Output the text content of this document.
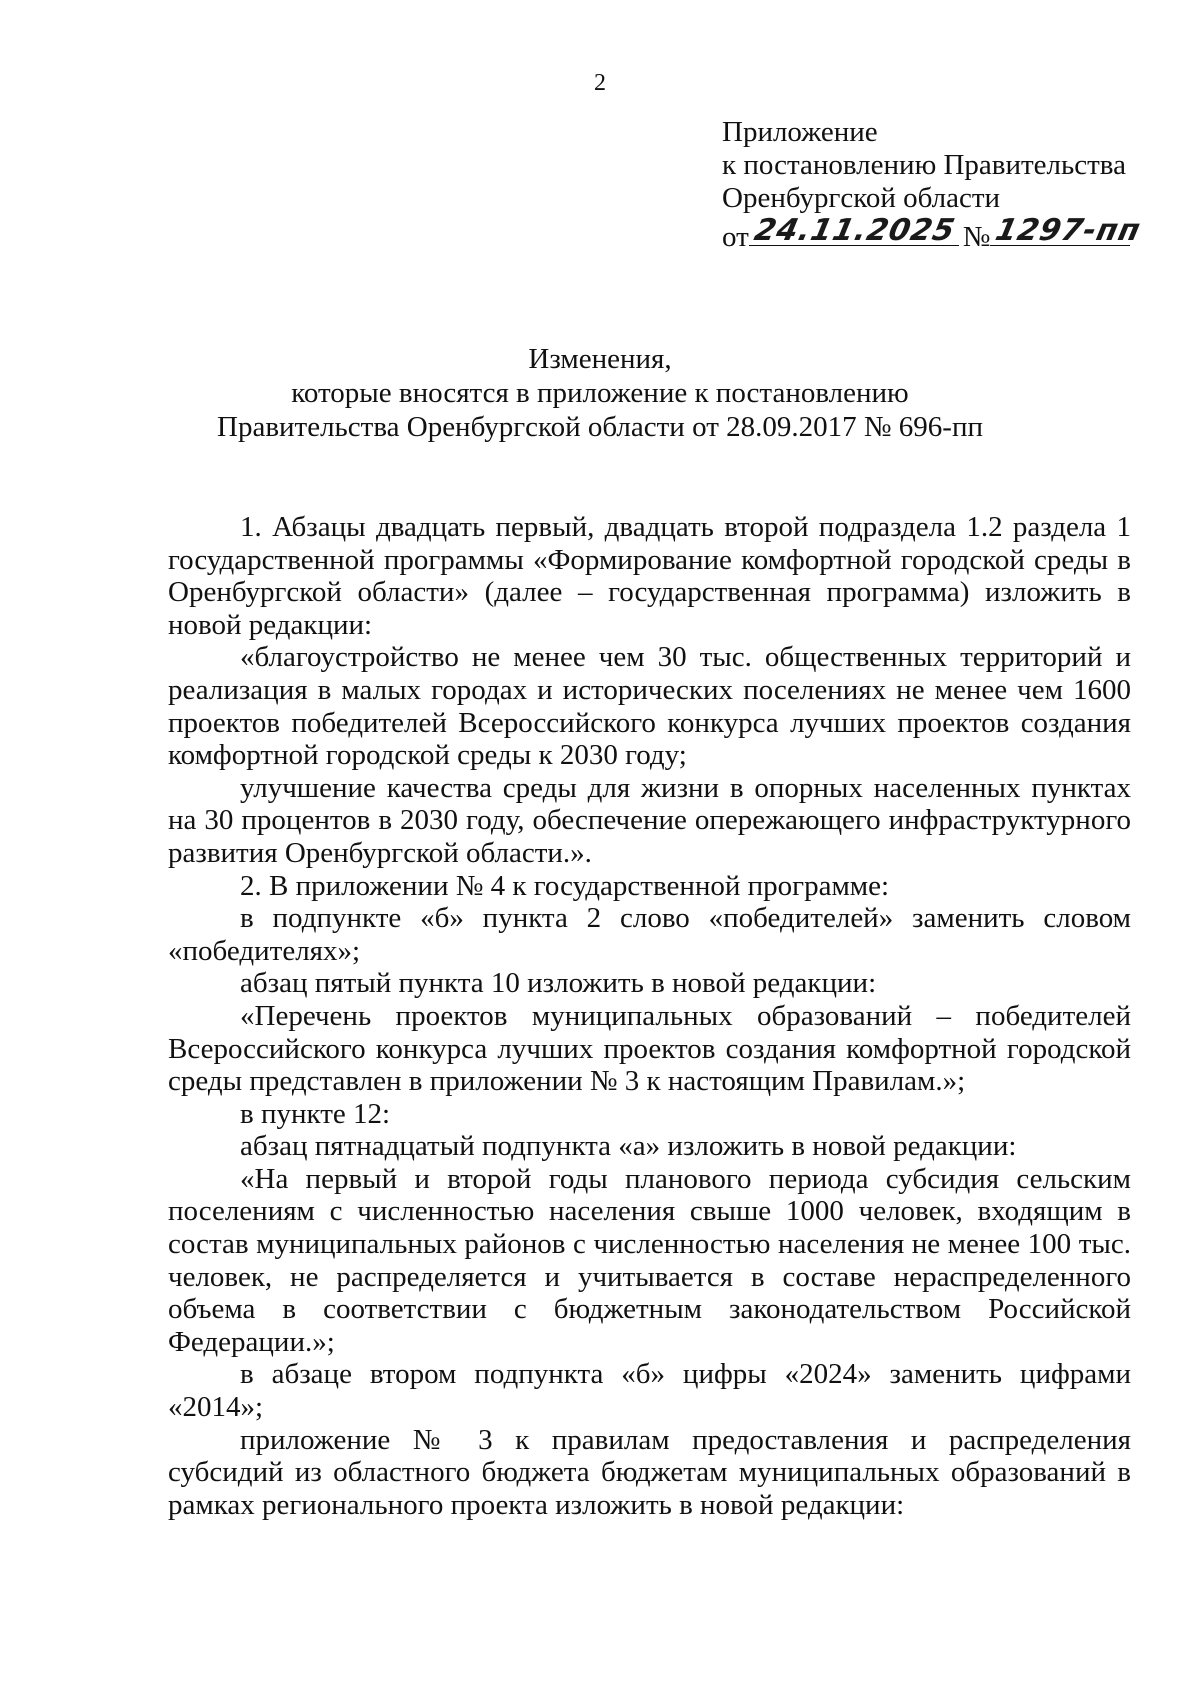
2
Приложение
к постановлению Правительства
Оренбургской области
от 24.11.2025 № 1297-пп
Изменения,
которые вносятся в приложение к постановлению
Правительства Оренбургской области от 28.09.2017 № 696-пп

1. Абзацы двадцать первый, двадцать второй подраздела 1.2 раздела 1 государственной программы «Формирование комфортной городской среды в Оренбургской области» (далее – государственная программа) изложить в новой редакции:

«благоустройство не менее чем 30 тыс. общественных территорий и реализация в малых городах и исторических поселениях не менее чем 1600 проектов победителей Всероссийского конкурса лучших проектов создания комфортной городской среды к 2030 году;

улучшение качества среды для жизни в опорных населенных пунктах на 30 процентов в 2030 году, обеспечение опережающего инфраструктурного развития Оренбургской области.».

2. В приложении № 4 к государственной программе:

в подпункте «б» пункта 2 слово «победителей» заменить словом «победителях»;

абзац пятый пункта 10 изложить в новой редакции:

«Перечень проектов муниципальных образований – победителей Всероссийского конкурса лучших проектов создания комфортной городской среды представлен в приложении № 3 к настоящим Правилам.»;

в пункте 12:

абзац пятнадцатый подпункта «а» изложить в новой редакции:

«На первый и второй годы планового периода субсидия сельским поселениям с численностью населения свыше 1000 человек, входящим в состав муниципальных районов с численностью населения не менее 100 тыс. человек, не распределяется и учитывается в составе нераспределенного объема в соответствии с бюджетным законодательством Российской Федерации.»;

в абзаце втором подпункта «б» цифры «2024» заменить цифрами «2014»;

приложение № 3 к правилам предоставления и распределения субсидий из областного бюджета бюджетам муниципальных образований в рамках регионального проекта изложить в новой редакции:
